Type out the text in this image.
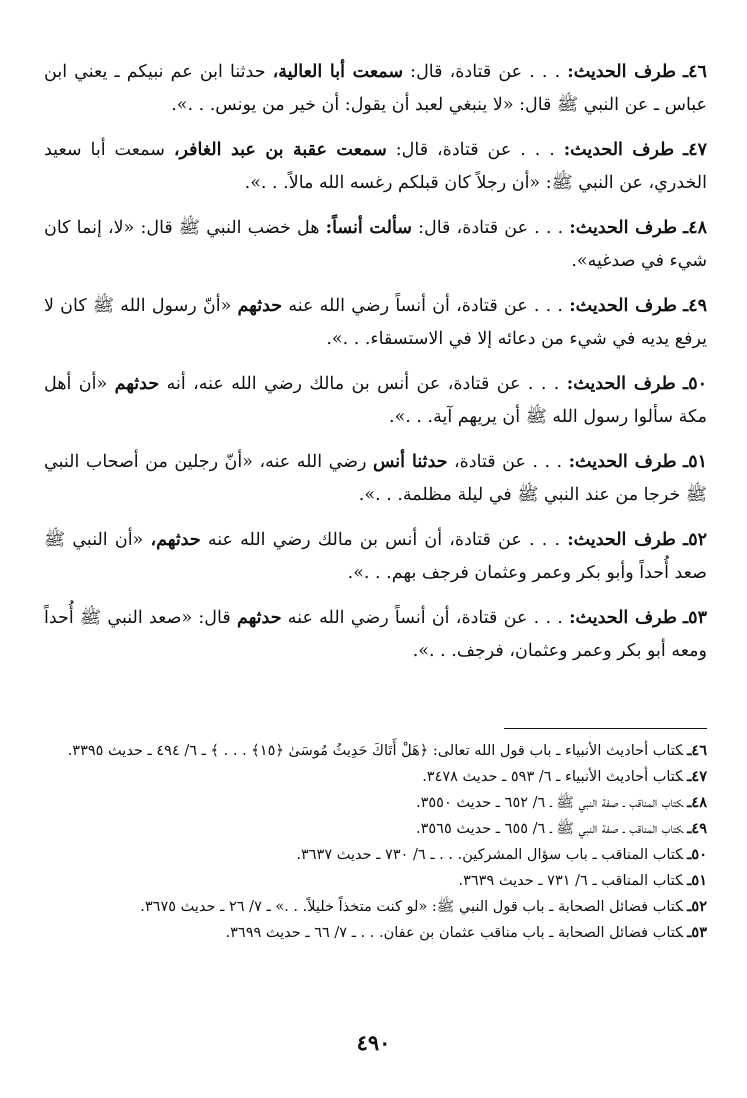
٤٦ـ طرف الحديث: . . . عن قتادة، قال: سمعت أبا العالية، حدثنا ابن عم نبيكم ـ يعني ابن عباس ـ عن النبي ﷺ قال: «لا ينبغي لعبد أن يقول: أن خير من يونس. . .».

٤٧ـ طرف الحديث: . . . عن قتادة، قال: سمعت عقبة بن عبد الغافر، سمعت أبا سعيد الخدري، عن النبي ﷺ: «أن رجلاً كان قبلكم رغسه الله مالاً. . .».

٤٨ـ طرف الحديث: . . . عن قتادة، قال: سألت أنساً: هل خضب النبي ﷺ قال: «لا، إنما كان شيء في صدغيه».

٤٩ـ طرف الحديث: . . . عن قتادة، أن أنساً رضي الله عنه حدثهم «أنّ رسول الله ﷺ كان لا يرفع يديه في شيء من دعائه إلا في الاستسقاء. . .».

٥٠ـ طرف الحديث: . . . عن قتادة، عن أنس بن مالك رضي الله عنه، أنه حدثهم «أن أهل مكة سألوا رسول الله ﷺ أن يريهم آية. . .».

٥١ـ طرف الحديث: . . . عن قتادة، حدثنا أنس رضي الله عنه، «أنّ رجلين من أصحاب النبي ﷺ خرجا من عند النبي ﷺ في ليلة مظلمة. . .».

٥٢ـ طرف الحديث: . . . عن قتادة، أن أنس بن مالك رضي الله عنه حدثهم، «أن النبي ﷺ صعد أُحداً وأبو بكر وعمر وعثمان فرجف بهم. . .».

٥٣ـ طرف الحديث: . . . عن قتادة، أن أنساً رضي الله عنه حدثهم قال: «صعد النبي ﷺ أُحداً ومعه أبو بكر وعمر وعثمان، فرجف. . .».

٤٦ـكتاب أحاديث الأنبياء ـ باب قول الله تعالى: ﴿هَلْ أَتَاكَ حَدِيثُ مُوسَىٰ ﴿١٥﴾ . . . ﴾ ـ ٦/ ٤٩٤ ـ حديث ٣٣٩٥.

٤٧ـكتاب أحاديث الأنبياء ـ ٦/ ٥٩٣ ـ حديث ٣٤٧٨.

٤٨ـكتاب المناقب ـ صفة النبي ﷺ ـ ٦/ ٦٥٢ ـ حديث ٣٥٥٠.

٤٩ـكتاب المناقب ـ صفة النبي ﷺ ـ ٦/ ٦٥٥ ـ حديث ٣٥٦٥.

٥٠ـكتاب المناقب ـ باب سؤال المشركين. . . ـ ٦/ ٧٣٠ ـ حديث ٣٦٣٧.

٥١ـكتاب المناقب ـ ٦/ ٧٣١ ـ حديث ٣٦٣٩.

٥٢ـكتاب فضائل الصحابة ـ باب قول النبي ﷺ: «لو كنت متخذاً خليلاً. . .» ـ ٧/ ٢٦ ـ حديث ٣٦٧٥.

٥٣ـكتاب فضائل الصحابة ـ باب مناقب عثمان بن عفان. . . ـ ٧/ ٦٦ ـ حديث ٣٦٩٩.

٤٩٠
